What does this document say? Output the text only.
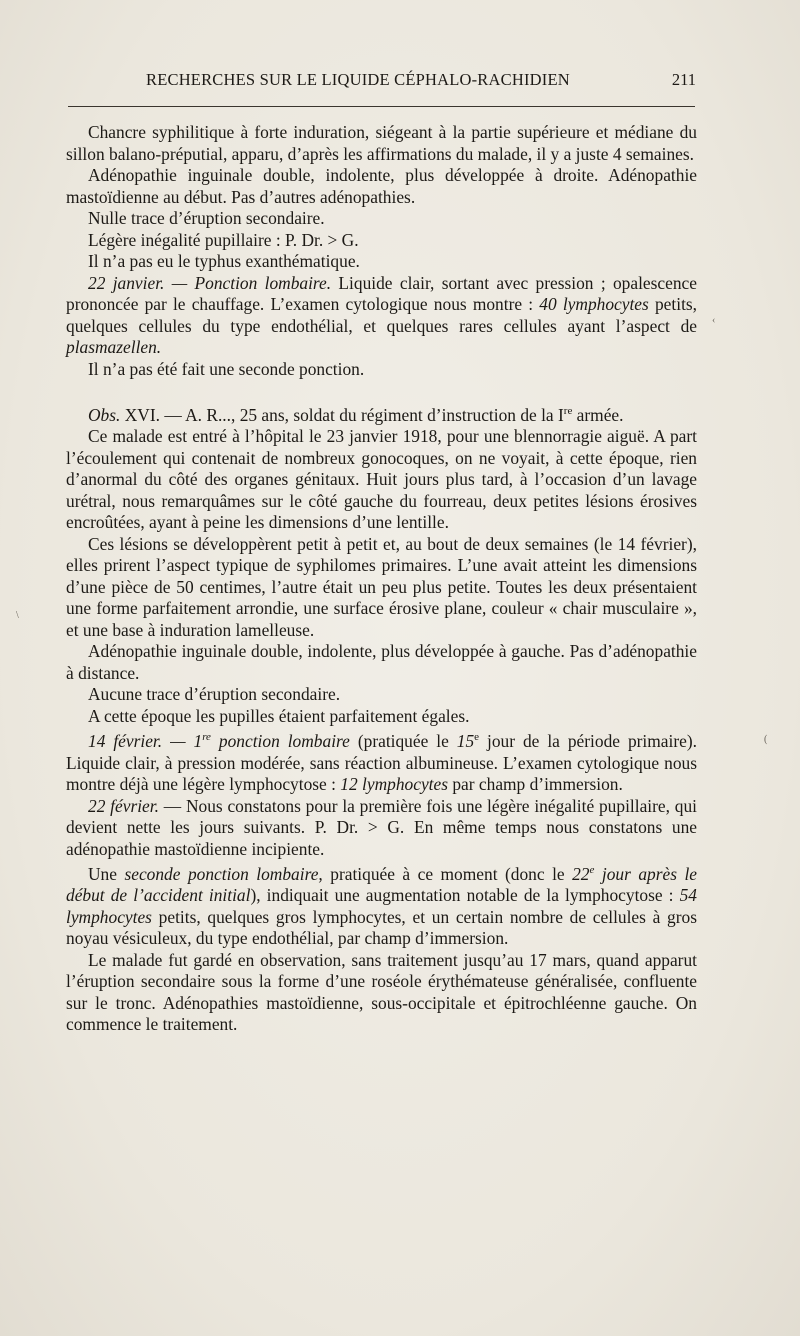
RECHERCHES SUR LE LIQUIDE CÉPHALO-RACHIDIEN	211

Chancre syphilitique à forte induration, siégeant à la partie supérieure et médiane du sillon balano-préputial, apparu, d’après les affirmations du malade, il y a juste 4 semaines.

Adénopathie inguinale double, indolente, plus développée à droite. Adénopathie mastoïdienne au début. Pas d’autres adénopathies.

Nulle trace d’éruption secondaire.

Légère inégalité pupillaire : P. Dr. > G.

Il n’a pas eu le typhus exanthématique.

22 janvier. — Ponction lombaire. Liquide clair, sortant avec pression ; opalescence prononcée par le chauffage. L’examen cytologique nous montre : 40 lymphocytes petits, quelques cellules du type endothélial, et quelques rares cellules ayant l’aspect de plasmazellen.

Il n’a pas été fait une seconde ponction.

Obs. XVI. — A. R..., 25 ans, soldat du régiment d’instruction de la Ire armée.

Ce malade est entré à l’hôpital le 23 janvier 1918, pour une blennorragie aiguë. A part l’écoulement qui contenait de nombreux gonocoques, on ne voyait, à cette époque, rien d’anormal du côté des organes génitaux. Huit jours plus tard, à l’occasion d’un lavage urétral, nous remarquâmes sur le côté gauche du fourreau, deux petites lésions érosives encroûtées, ayant à peine les dimensions d’une lentille.

Ces lésions se développèrent petit à petit et, au bout de deux semaines (le 14 février), elles prirent l’aspect typique de syphilomes primaires. L’une avait atteint les dimensions d’une pièce de 50 centimes, l’autre était un peu plus petite. Toutes les deux présentaient une forme parfaitement arrondie, une surface érosive plane, couleur « chair musculaire », et une base à induration lamelleuse.

Adénopathie inguinale double, indolente, plus développée à gauche. Pas d’adénopathie à distance.

Aucune trace d’éruption secondaire.

A cette époque les pupilles étaient parfaitement égales.

14 février. — 1re ponction lombaire (pratiquée le 15e jour de la période primaire). Liquide clair, à pression modérée, sans réaction albumineuse. L’examen cytologique nous montre déjà une légère lymphocytose : 12 lymphocytes par champ d’immersion.

22 février. — Nous constatons pour la première fois une légère inégalité pupillaire, qui devient nette les jours suivants. P. Dr. > G. En même temps nous constatons une adénopathie mastoïdienne incipiente.

Une seconde ponction lombaire, pratiquée à ce moment (donc le 22e jour après le début de l’accident initial), indiquait une augmentation notable de la lymphocytose : 54 lymphocytes petits, quelques gros lymphocytes, et un certain nombre de cellules à gros noyau vésiculeux, du type endothélial, par champ d’immersion.

Le malade fut gardé en observation, sans traitement jusqu’au 17 mars, quand apparut l’éruption secondaire sous la forme d’une roséole érythémateuse généralisée, confluente sur le tronc. Adénopathies mastoïdienne, sous-occipitale et épitrochléenne gauche. On commence le traitement.

‹
(
\
